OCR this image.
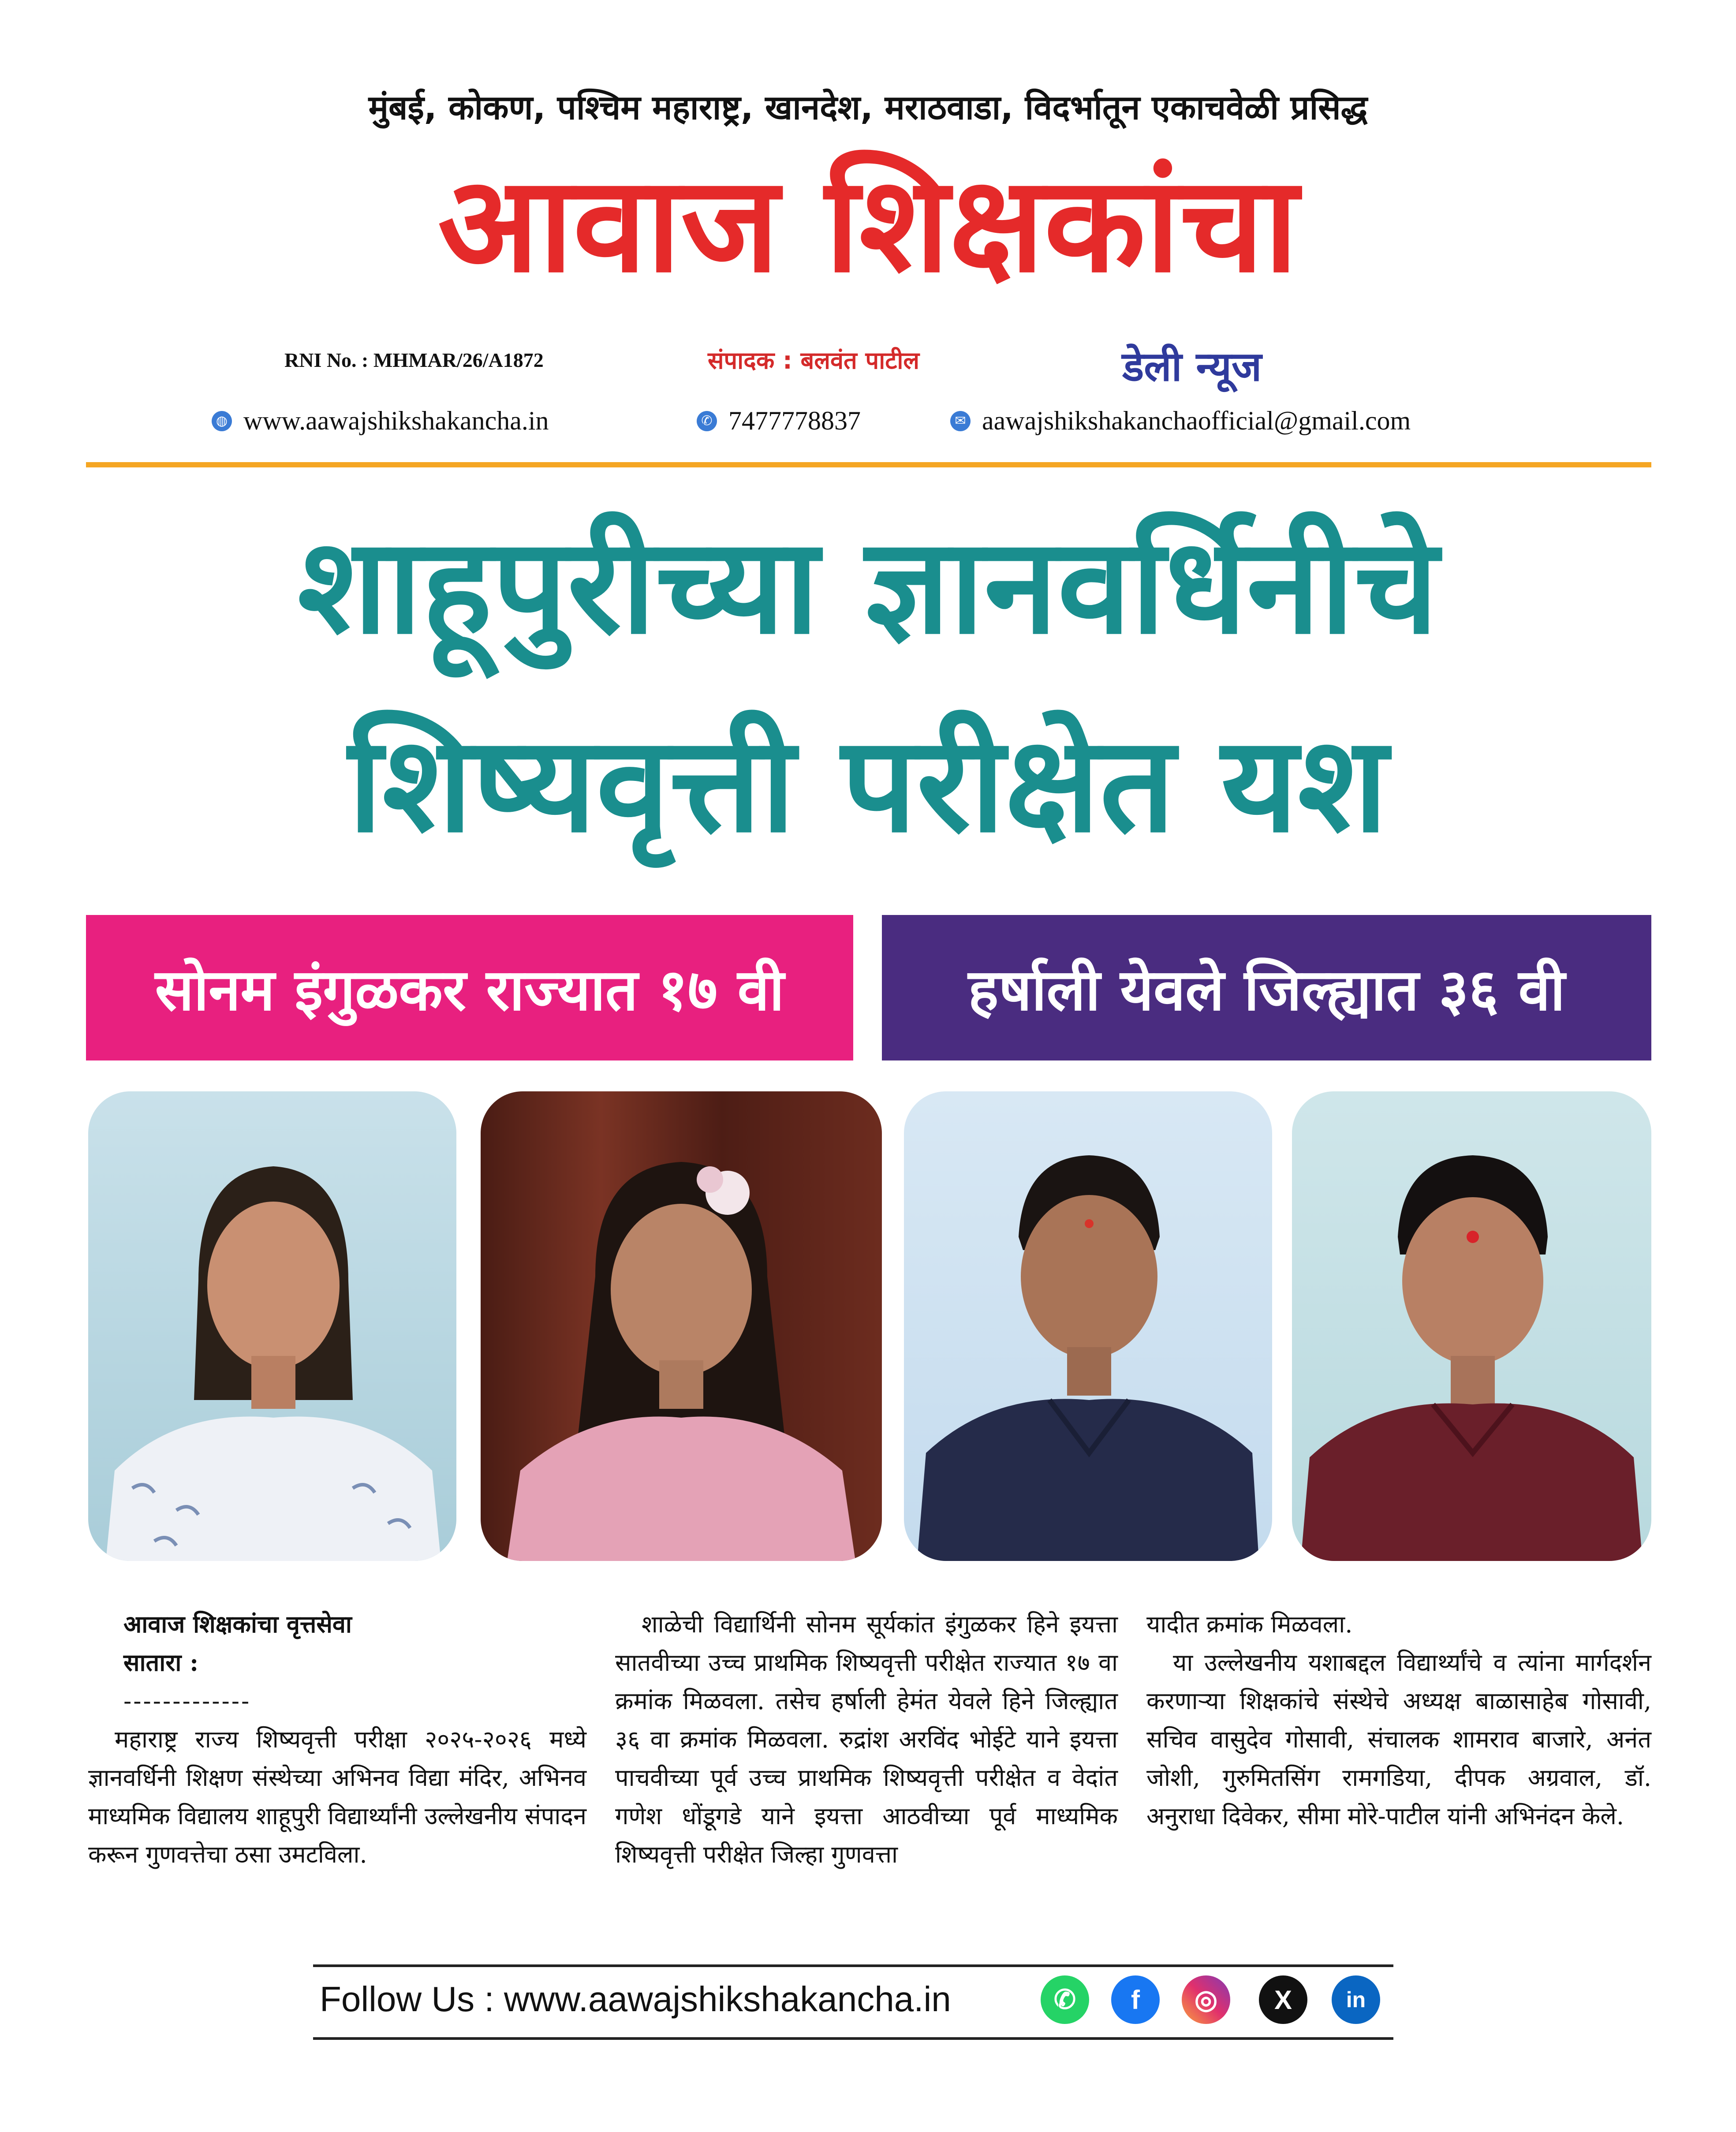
मुंबई, कोकण, पश्चिम महाराष्ट्र, खानदेश, मराठवाडा, विदर्भातून एकाचवेळी प्रसिद्ध
आवाज शिक्षकांचा
RNI No. : MHMAR/26/A1872	संपादक : बलवंत पाटील	डेली न्यूज
◍ www.aawajshikshakancha.in	✆ 7477778837	✉ aawajshikshakanchaofficial@gmail.com
शाहूपुरीच्या ज्ञानवर्धिनीचे
शिष्यवृत्ती परीक्षेत यश
सोनम इंगुळकर राज्यात १७ वी	हर्षाली येवले जिल्ह्यात ३६ वी
आवाज शिक्षकांचा वृत्तसेवा
सातारा :
-------------
महाराष्ट्र राज्य शिष्यवृत्ती परीक्षा २०२५-२०२६ मध्ये ज्ञानवर्धिनी शिक्षण संस्थेच्या अभिनव विद्या मंदिर, अभिनव माध्यमिक विद्यालय शाहूपुरी विद्यार्थ्यांनी उल्लेखनीय संपादन करून गुणवत्तेचा ठसा उमटविला.
शाळेची विद्यार्थिनी सोनम सूर्यकांत इंगुळकर हिने इयत्ता सातवीच्या उच्च प्राथमिक शिष्यवृत्ती परीक्षेत राज्यात १७ वा क्रमांक मिळवला. तसेच हर्षाली हेमंत येवले हिने जिल्ह्यात ३६ वा क्रमांक मिळवला. रुद्रांश अरविंद भोईटे याने इयत्ता पाचवीच्या पूर्व उच्च प्राथमिक शिष्यवृत्ती परीक्षेत व वेदांत गणेश धोंडूगडे याने इयत्ता आठवीच्या पूर्व माध्यमिक शिष्यवृत्ती परीक्षेत जिल्हा गुणवत्ता
यादीत क्रमांक मिळवला.
या उल्लेखनीय यशाबद्दल विद्यार्थ्यांचे व त्यांना मार्गदर्शन करणाऱ्या शिक्षकांचे संस्थेचे अध्यक्ष बाळासाहेब गोसावी, सचिव वासुदेव गोसावी, संचालक शामराव बाजारे, अनंत जोशी, गुरुमितसिंग रामगडिया, दीपक अग्रवाल, डॉ. अनुराधा दिवेकर, सीमा मोरे-पाटील यांनी अभिनंदन केले.
Follow Us : www.aawajshikshakancha.in	✆	f	◎	X	in
